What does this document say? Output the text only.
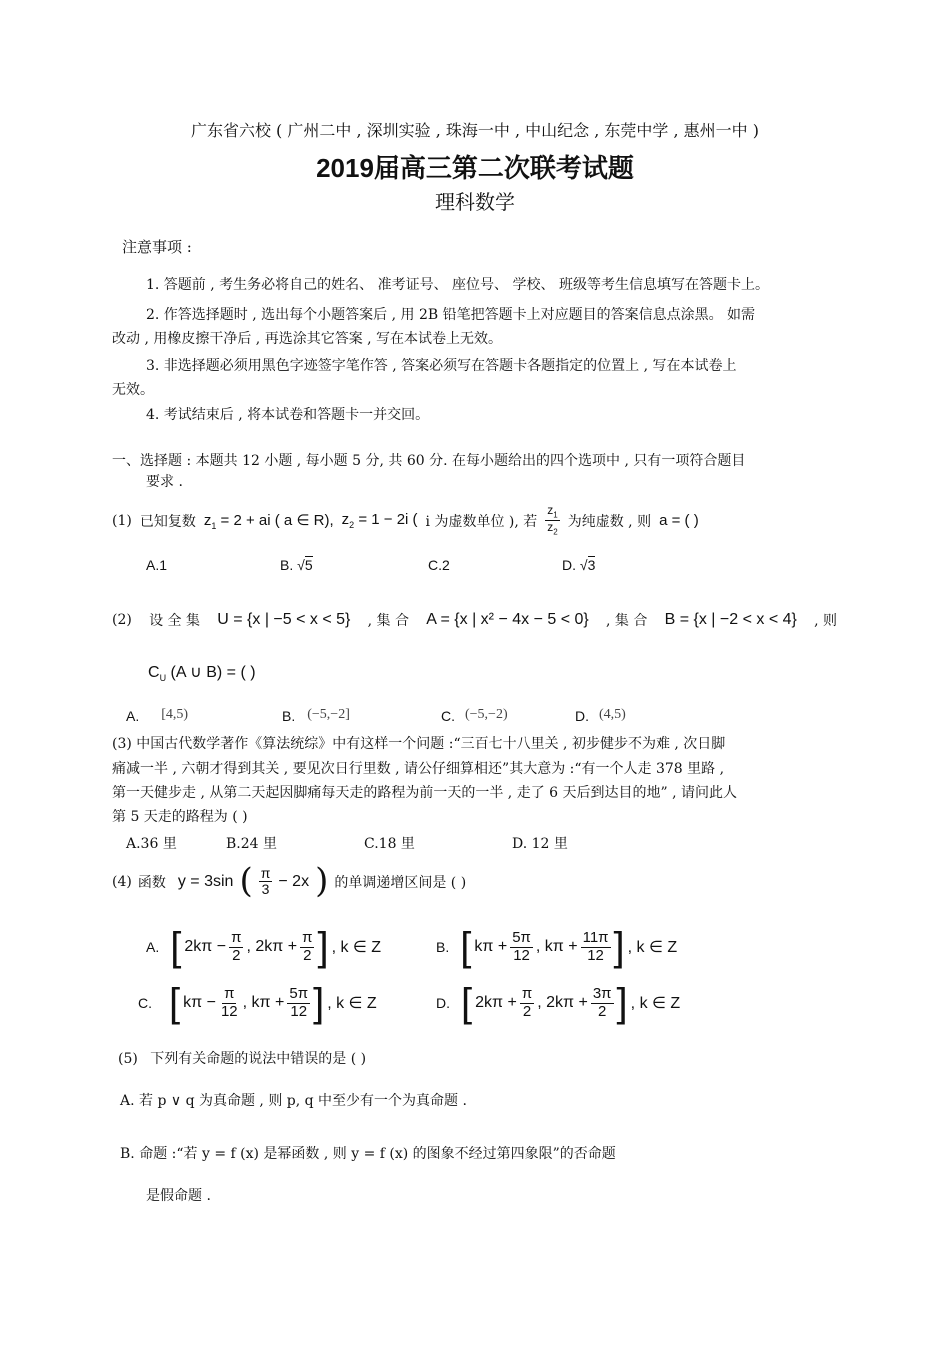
广东省六校 ( 广州二中 , 深圳实验 , 珠海一中 , 中山纪念 , 东莞中学 , 惠州一中 )
2019届高三第二次联考试题
理科数学
注意事项 :
1. 答题前 , 考生务必将自己的姓名、 准考证号、 座位号、 学校、 班级等考生信息填写在答题卡上。
2. 作答选择题时 , 选出每个小题答案后 , 用 2B 铅笔把答题卡上对应题目的答案信息点涂黑。 如需
改动 , 用橡皮擦干净后 , 再选涂其它答案 , 写在本试卷上无效。
3. 非选择题必须用黑色字迹签字笔作答 , 答案必须写在答题卡各题指定的位置上 , 写在本试卷上
无效。
4. 考试结束后 , 将本试卷和答题卡一并交回。
一、选择题 : 本题共 12 小题 , 每小题 5 分, 共 60 分. 在每小题给出的四个选项中 , 只有一项符合题目
要求 .
(1) 已知复数 $z_1 = 2$ + ai ( a ∈ R), $z_2 = 1 - 2i$ ( i 为虚数单位 ), 若 $\frac{z_1}{z_2}$ 为纯虚数 , 则 a = ( )
A.1	B. √5	C.2	D. √3
(2) 设 全 集 U = {x | −5 < x < 5} , 集 合 A = {x | x² − 4x − 5 < 0} , 集 合 B = {x | −2 < x < 4} , 则
$C_U$ (A ∪ B) = ( )
A. [4,5)	B. (−5,−2]	C. (−5,−2)	D. (4,5)
(3) 中国古代数学著作《算法统综》中有这样一个问题 :“三百七十八里关 , 初步健步不为难 , 次日脚
痛减一半 , 六朝才得到其关 , 要见次日行里数 , 请公仔细算相还”其大意为 :“有一个人走 378 里路 ,
第一天健步走 , 从第二天起因脚痛每天走的路程为前一天的一半 , 走了 6 天后到达目的地” , 请问此人
第 5 天走的路程为 ( )
A.36 里	B.24 里	C.18 里	D. 12 里
(4) 函数 y = 3sin ( $\frac{\pi}{3} - 2x$ ) 的单调递增区间是 ( )
A. [ $2k\pi - \frac{\pi}{2}$ , $2k\pi + \frac{\pi}{2}$ ] , k ∈ Z	B. [ $k\pi + \frac{5\pi}{12}$ , $k\pi + \frac{11\pi}{12}$ ] , k ∈ Z
C. [ $k\pi - \frac{\pi}{12}$ , $k\pi + \frac{5\pi}{12}$ ] , k ∈ Z	D. [ $2k\pi + \frac{\pi}{2}$ , $2k\pi + \frac{3\pi}{2}$ ] , k ∈ Z
(5) 下列有关命题的说法中错误的是 ( )
A. 若 p ∨ q 为真命题 , 则 p, q 中至少有一个为真命题 .
B. 命题 :“若 y = f (x) 是幂函数 , 则 y = f (x) 的图象不经过第四象限”的否命题
是假命题 .
